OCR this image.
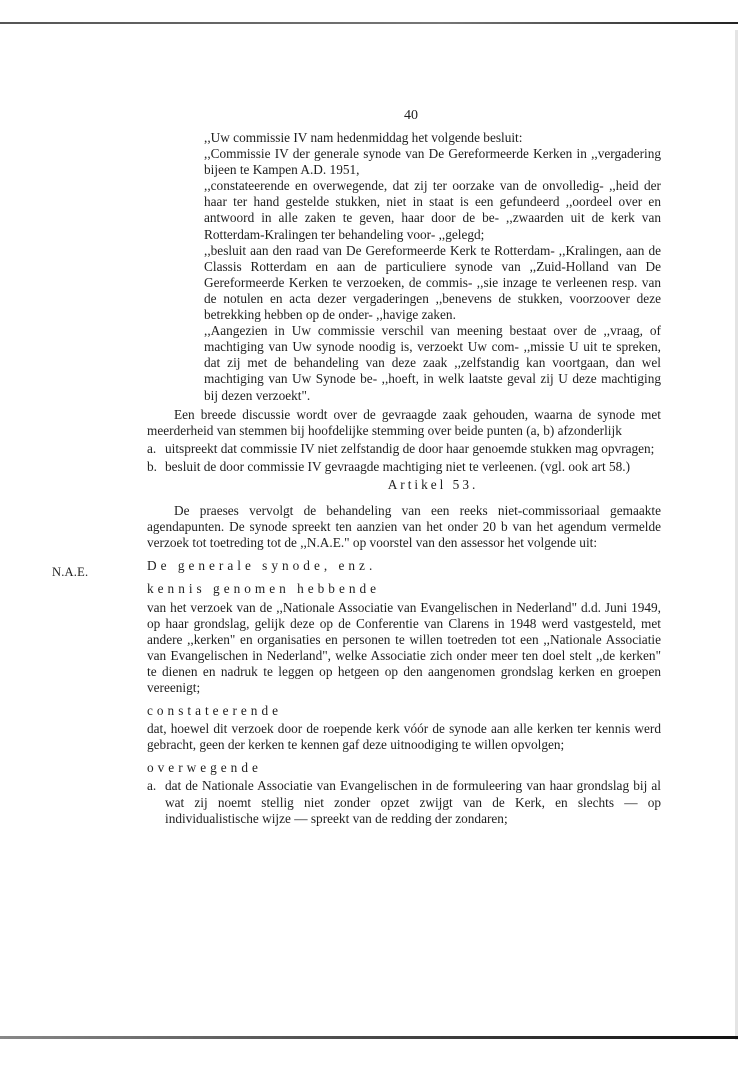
40
N.A.E.

,,Uw commissie IV nam hedenmiddag het volgende besluit:

,,Commissie IV der generale synode van De Gereformeerde Kerken in ,,vergadering bijeen te Kampen A.D. 1951,

,,constateerende en overwegende, dat zij ter oorzake van de onvolledig- ,,heid der haar ter hand gestelde stukken, niet in staat is een gefundeerd ,,oordeel over en antwoord in alle zaken te geven, haar door de be- ,,zwaarden uit de kerk van Rotterdam-Kralingen ter behandeling voor- ,,gelegd;

,,besluit aan den raad van De Gereformeerde Kerk te Rotterdam- ,,Kralingen, aan de Classis Rotterdam en aan de particuliere synode van ,,Zuid-Holland van De Gereformeerde Kerken te verzoeken, de commis- ,,sie inzage te verleenen resp. van de notulen en acta dezer vergaderingen ,,benevens de stukken, voorzoover deze betrekking hebben op de onder- ,,havige zaken.

,,Aangezien in Uw commissie verschil van meening bestaat over de ,,vraag, of machtiging van Uw synode noodig is, verzoekt Uw com- ,,missie U uit te spreken, dat zij met de behandeling van deze zaak ,,zelfstandig kan voortgaan, dan wel machtiging van Uw Synode be- ,,hoeft, in welk laatste geval zij U deze machtiging bij dezen verzoekt".

Een breede discussie wordt over de gevraagde zaak gehouden, waarna de synode met meerderheid van stemmen bij hoofdelijke stemming over beide punten (a, b) afzonderlijk

a. uitspreekt dat commissie IV niet zelfstandig de door haar genoemde stukken mag opvragen;
b. besluit de door commissie IV gevraagde machtiging niet te verleenen. (vgl. ook art 58.)
Artikel 53.

De praeses vervolgt de behandeling van een reeks niet-commissoriaal gemaakte agendapunten. De synode spreekt ten aanzien van het onder 20 b van het agendum vermelde verzoek tot toetreding tot de ,,N.A.E." op voorstel van den assessor het volgende uit:

De generale synode, enz.
kennis genomen hebbende

van het verzoek van de ,,Nationale Associatie van Evangelischen in Nederland" d.d. Juni 1949, op haar grondslag, gelijk deze op de Conferentie van Clarens in 1948 werd vastgesteld, met andere ,,kerken" en organisaties en personen te willen toetreden tot een ,,Nationale Associatie van Evangelischen in Nederland", welke Associatie zich onder meer ten doel stelt ,,de kerken" te dienen en nadruk te leggen op hetgeen op den aangenomen grondslag kerken en groepen vereenigt;

constateerende

dat, hoewel dit verzoek door de roepende kerk vóór de synode aan alle kerken ter kennis werd gebracht, geen der kerken te kennen gaf deze uitnoodiging te willen opvolgen;

overwegende
a. dat de Nationale Associatie van Evangelischen in de formuleering van haar grondslag bij al wat zij noemt stellig niet zonder opzet zwijgt van de Kerk, en slechts — op individualistische wijze — spreekt van de redding der zondaren;
